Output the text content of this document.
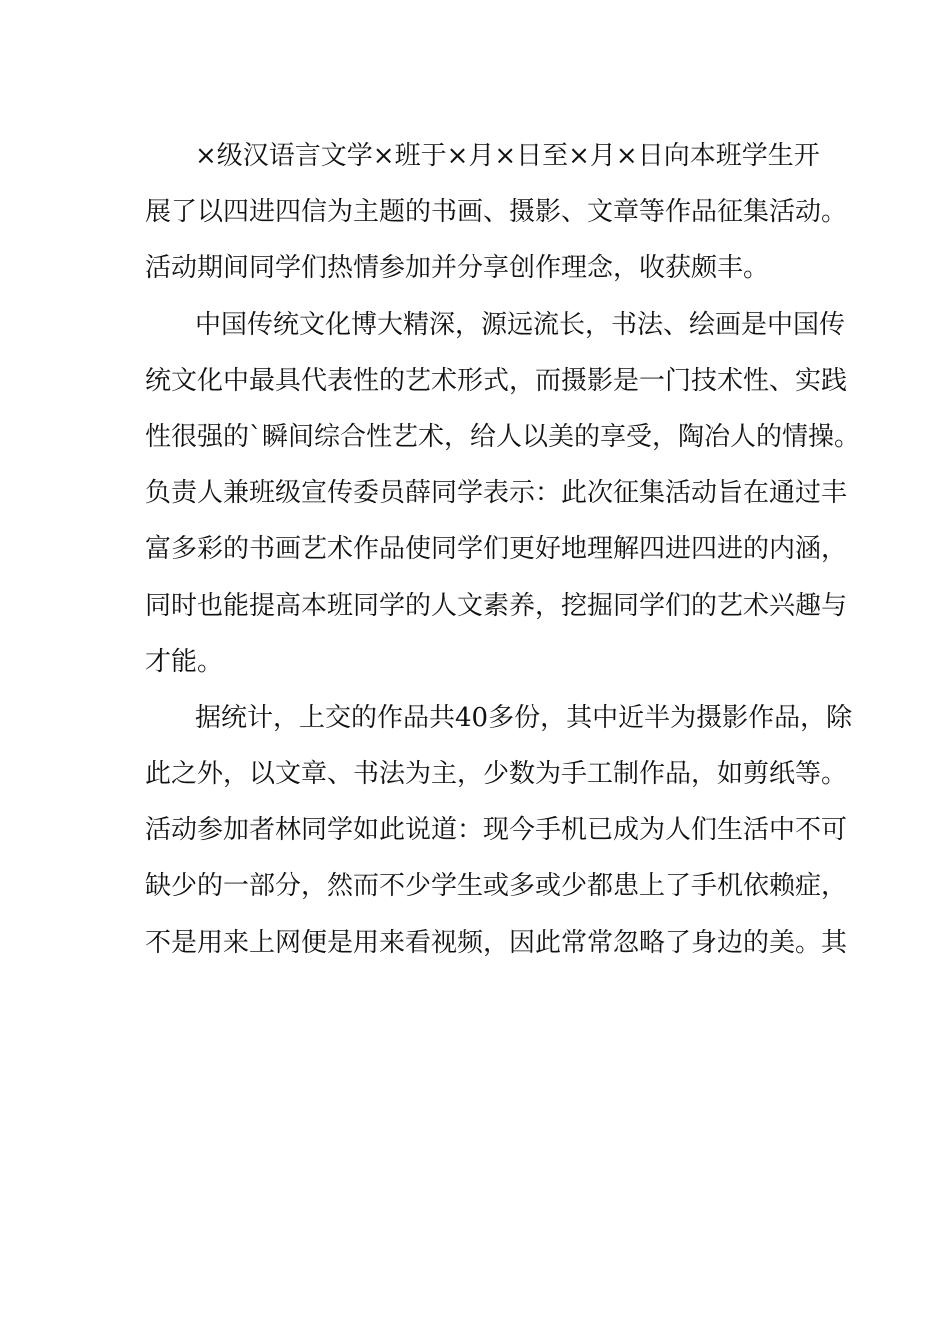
×级汉语言文学×班于×月×日至×月×日向本班学生开
展了以四进四信为主题的书画、摄影、文章等作品征集活动。
活动期间同学们热情参加并分享创作理念，收获颇丰。
中国传统文化博大精深，源远流长，书法、绘画是中国传
统文化中最具代表性的艺术形式，而摄影是一门技术性、实践
性很强的`瞬间综合性艺术，给人以美的享受，陶冶人的情操。
负责人兼班级宣传委员薛同学表示：此次征集活动旨在通过丰
富多彩的书画艺术作品使同学们更好地理解四进四进的内涵，
同时也能提高本班同学的人文素养，挖掘同学们的艺术兴趣与
才能。
据统计，上交的作品共40多份，其中近半为摄影作品，除
此之外，以文章、书法为主，少数为手工制作品，如剪纸等。
活动参加者林同学如此说道：现今手机已成为人们生活中不可
缺少的一部分，然而不少学生或多或少都患上了手机依赖症，
不是用来上网便是用来看视频，因此常常忽略了身边的美。其
